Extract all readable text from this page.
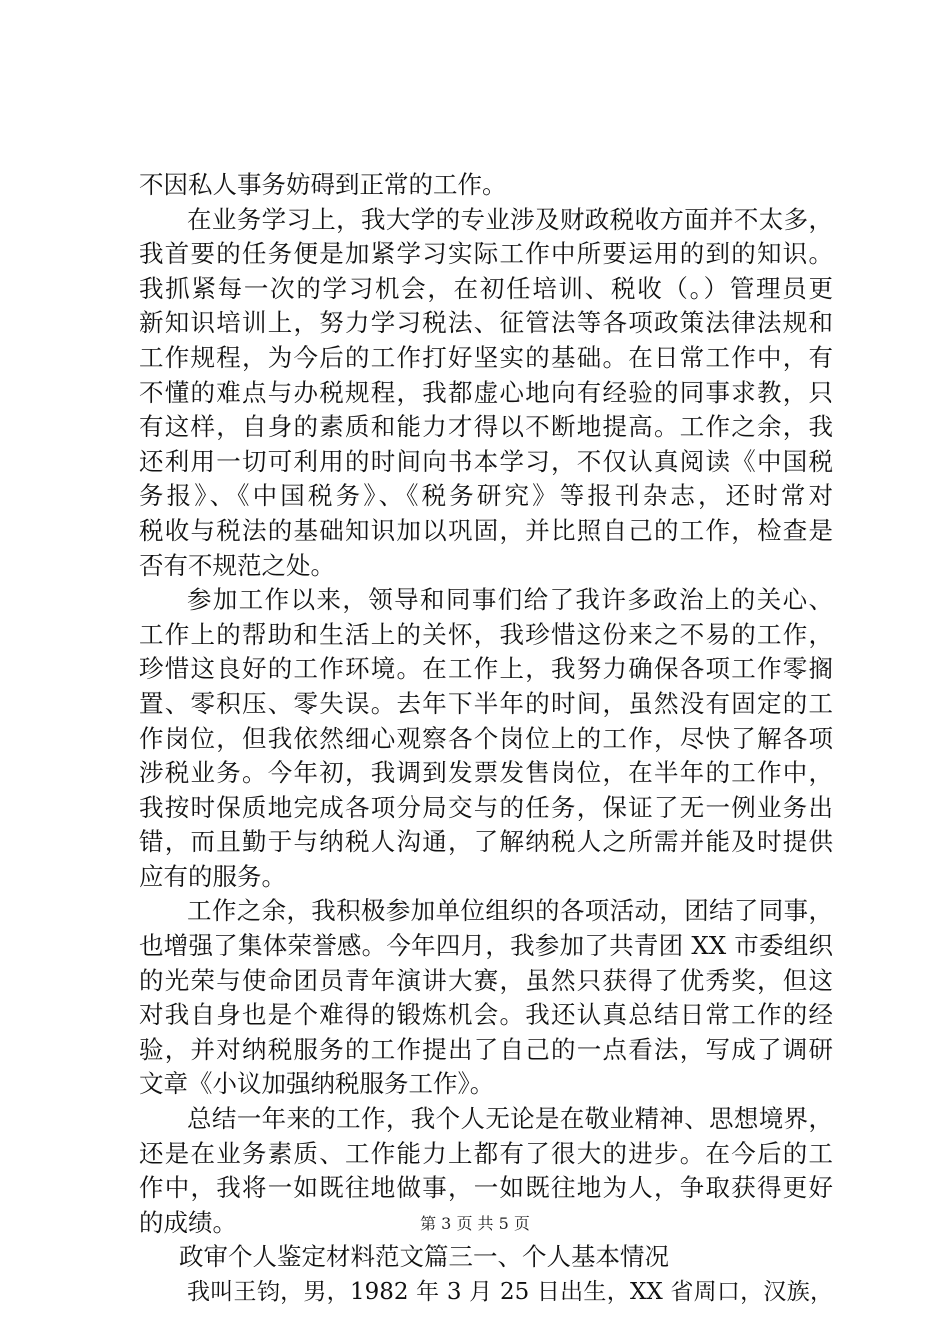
不因私人事务妨碍到正常的工作。
在业务学习上，我大学的专业涉及财政税收方面并不太多，
我首要的任务便是加紧学习实际工作中所要运用的到的知识。
我抓紧每一次的学习机会，在初任培训、税收（。）管理员更
新知识培训上，努力学习税法、征管法等各项政策法律法规和
工作规程，为今后的工作打好坚实的基础。在日常工作中，有
不懂的难点与办税规程，我都虚心地向有经验的同事求教，只
有这样，自身的素质和能力才得以不断地提高。工作之余，我
还利用一切可利用的时间向书本学习，不仅认真阅读《中国税
务报》、《中国税务》、《税务研究》等报刊杂志，还时常对
税收与税法的基础知识加以巩固，并比照自己的工作，检查是
否有不规范之处。
参加工作以来，领导和同事们给了我许多政治上的关心、
工作上的帮助和生活上的关怀，我珍惜这份来之不易的工作，
珍惜这良好的工作环境。在工作上，我努力确保各项工作零搁
置、零积压、零失误。去年下半年的时间，虽然没有固定的工
作岗位，但我依然细心观察各个岗位上的工作，尽快了解各项
涉税业务。今年初，我调到发票发售岗位，在半年的工作中，
我按时保质地完成各项分局交与的任务，保证了无一例业务出
错，而且勤于与纳税人沟通，了解纳税人之所需并能及时提供
应有的服务。
工作之余，我积极参加单位组织的各项活动，团结了同事，
也增强了集体荣誉感。今年四月，我参加了共青团 XX 市委组织
的光荣与使命团员青年演讲大赛，虽然只获得了优秀奖，但这
对我自身也是个难得的锻炼机会。我还认真总结日常工作的经
验，并对纳税服务的工作提出了自己的一点看法，写成了调研
文章《小议加强纳税服务工作》。
总结一年来的工作，我个人无论是在敬业精神、思想境界，
还是在业务素质、工作能力上都有了很大的进步。在今后的工
作中，我将一如既往地做事，一如既往地为人，争取获得更好
的成绩。
政审个人鉴定材料范文篇三一、个人基本情况
我叫王钧，男，1982 年 3 月 25 日出生，XX 省周口，汉族，
第 3 页 共 5 页
